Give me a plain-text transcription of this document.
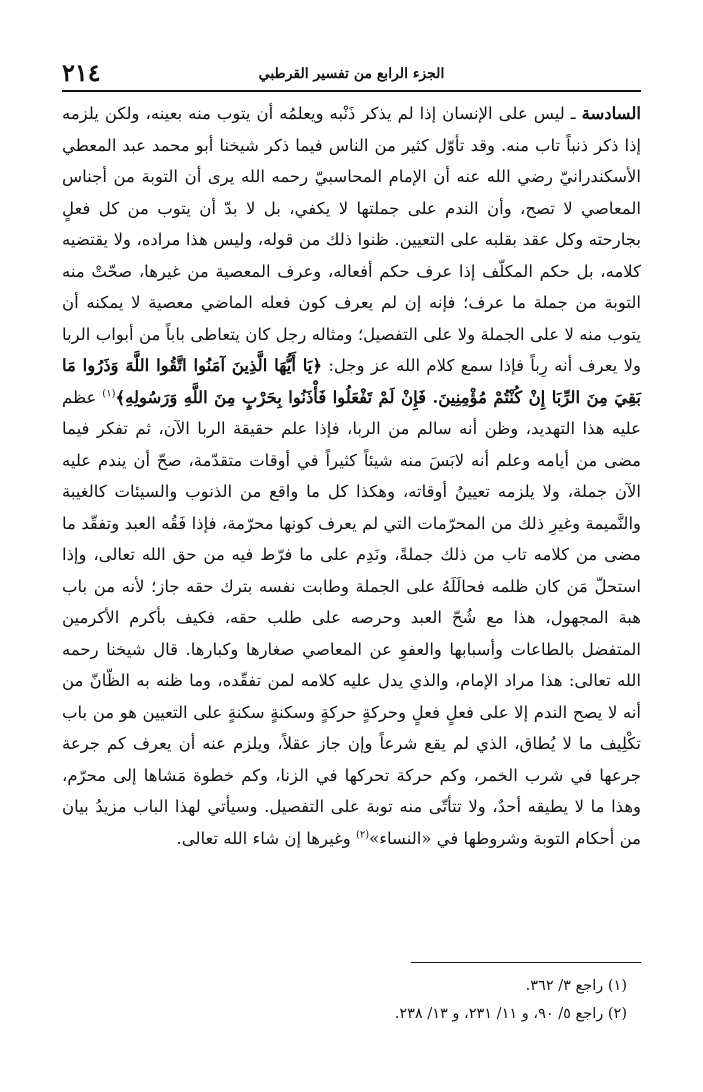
٢١٤	الجزء الرابع من تفسير القرطبي
السادسة ـ ليس على الإنسان إذا لم يذكر ذَنْبه ويعلمُه أن يتوب منه بعينه، ولكن يلزمه إذا ذكر ذنباً تاب منه. وقد تأوّل كثير من الناس فيما ذكر شيخنا أبو محمد عبد المعطي الأسكندرانيّ رضي الله عنه أن الإمام المحاسبيّ رحمه الله يرى أن التوبة من أجناس المعاصي لا تصح، وأن الندم على جملتها لا يكفي، بل لا بدّ أن يتوب من كل فعلٍ بجارحته وكل عقد بقلبه على التعيين. ظنوا ذلك من قوله، وليس هذا مراده، ولا يقتضيه كلامه، بل حكم المكلّف إذا عرف حكم أفعاله، وعرف المعصية من غيرها، صحّتْ منه التوبة من جملة ما عرف؛ فإنه إن لم يعرف كون فعله الماضي معصية لا يمكنه أن يتوب منه لا على الجملة ولا على التفصيل؛ ومثاله رجل كان يتعاطى باباً من أبواب الربا ولا يعرف أنه رِباً فإذا سمع كلام الله عز وجل: ﴿يَا أَيُّهَا الَّذِينَ آمَنُوا اتَّقُوا اللَّهَ وَذَرُوا مَا بَقِيَ مِنَ الرِّبَا إِنْ كُنْتُمْ مُؤْمِنِينَ. فَإِنْ لَمْ تَفْعَلُوا فَأْذَنُوا بِحَرْبٍ مِنَ اللَّهِ وَرَسُولِهِ﴾$^{(١)}$ عظم عليه هذا التهديد، وظن أنه سالم من الربا، فإذا علم حقيقة الربا الآن، ثم تفكر فيما مضى من أيامه وعلم أنه لابَسَ منه شيئاً كثيراً في أوقات متقدّمة، صحّ أن يندم عليه الآن جملة، ولا يلزمه تعيينُ أوقاته، وهكذا كل ما واقع من الذنوب والسيئات كالغيبة والنَّميمة وغيرِ ذلك من المحرّمات التي لم يعرف كونها محرّمة، فإذا فَقُه العبد وتفقّد ما مضى من كلامه تاب من ذلك جملةً، ونَدِم على ما فرّط فيه من حق الله تعالى، وإذا استحلّ مَن كان ظلمه فحالَلَهُ على الجملة وطابت نفسه بترك حقه جاز؛ لأنه من باب هبة المجهول، هذا مع شُحّ العبد وحرصه على طلب حقه، فكيف بأكرم الأكرمين المتفضل بالطاعات وأسبابها والعفوِ عن المعاصي صغارها وكبارها. قال شيخنا رحمه الله تعالى: هذا مراد الإمام، والذي يدل عليه كلامه لمن تفقّده، وما ظنه به الظّانّ من أنه لا يصح الندم إلا على فعلٍ فعلٍ وحركةٍ حركةٍ وسكنةٍ سكنةٍ على التعيين هو من باب تكْلِيف ما لا يُطاق، الذي لم يقع شرعاً وإن جاز عقلاً، ويلزم عنه أن يعرف كم جرعة جرعها في شرب الخمر، وكم حركة تحركها في الزنا، وكم خطوة مَشاها إلى محرّم، وهذا ما لا يطيقه أحدٌ، ولا تتأتّى منه توبة على التفصيل. وسيأتي لهذا الباب مزيدُ بيان من أحكام التوبة وشروطها في «النساء»$^{(٢)}$ وغيرها إن شاء الله تعالى.
(١) راجع ٣/ ٣٦٢.
(٢) راجع ٥/ ٩٠، و ١١/ ٢٣١، و ١٣/ ٢٣٨.
